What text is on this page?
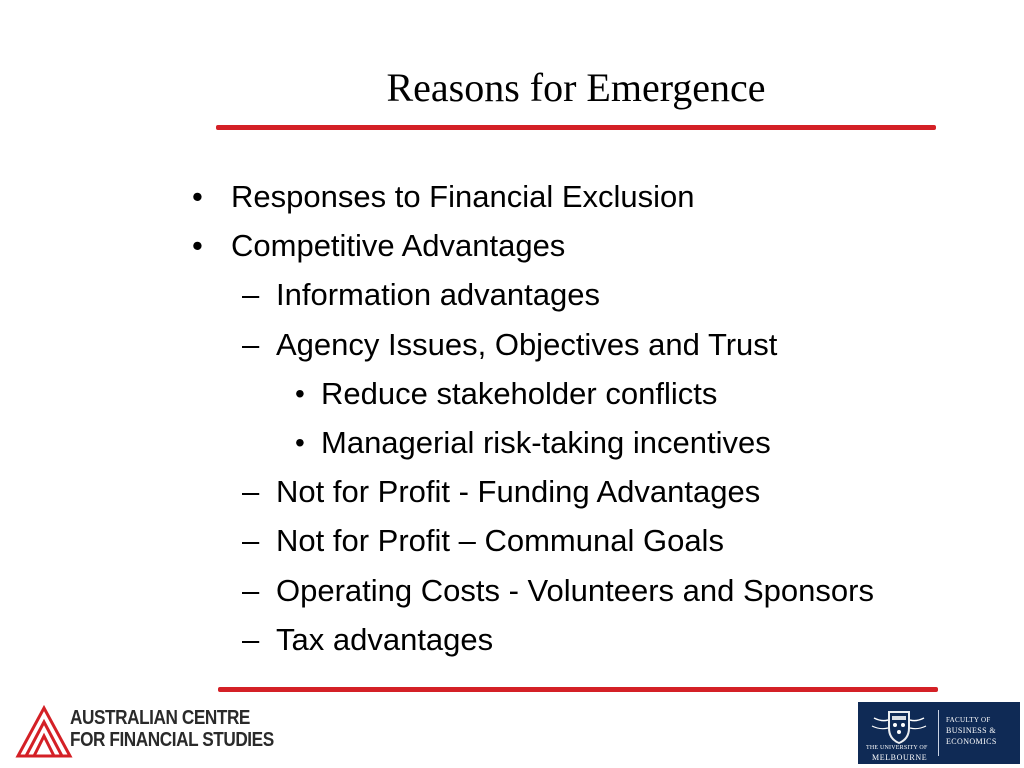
Reasons for Emergence
• Responses to Financial Exclusion
• Competitive Advantages
– Information advantages
– Agency Issues, Objectives and Trust
• Reduce stakeholder conflicts
• Managerial risk-taking incentives
– Not for Profit - Funding Advantages
– Not for Profit – Communal Goals
– Operating Costs - Volunteers and Sponsors
– Tax advantages
AUSTRALIAN CENTRE
FOR FINANCIAL STUDIES	THE UNIVERSITY OF
MELBOURNE
FACULTY OF
BUSINESS &
ECONOMICS
